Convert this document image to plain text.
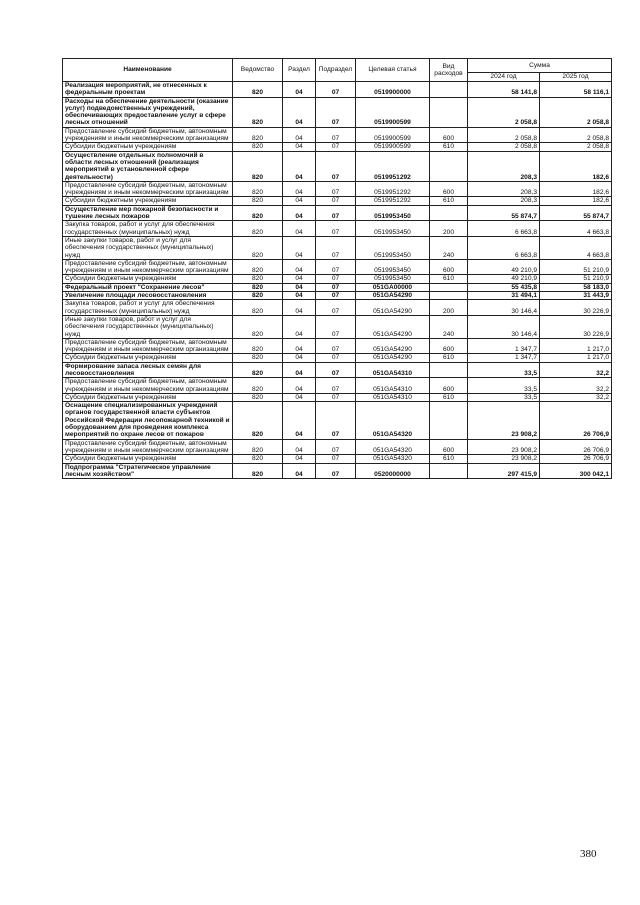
Наименование	Ведомство	Раздел	Подраздел	Целевая статья	Вид расходов	Сумма	
						2024 год	2025 год
Реализация мероприятий, не отнесенных к федеральным проектам	820	04	07	0519900000		58 141,8	58 116,1
Расходы на обеспечение деятельности (оказание услуг) подведомственных учреждений, обеспечивающих предоставление услуг в сфере лесных отношений	820	04	07	0519900599		2 058,8	2 058,8
Предоставление субсидий бюджетным, автономным учреждениям и иным некоммерческим организациям	820	04	07	0519900599	600	2 058,8	2 058,8
Субсидии бюджетным учреждениям	820	04	07	0519900599	610	2 058,8	2 058,8
Осуществление отдельных полномочий в области лесных отношений (реализация мероприятий в установленной сфере деятельности)	820	04	07	0519951292		208,3	182,6
Предоставление субсидий бюджетным, автономным учреждениям и иным некоммерческим организациям	820	04	07	0519951292	600	208,3	182,6
Субсидии бюджетным учреждениям	820	04	07	0519951292	610	208,3	182,6
Осуществление мер пожарной безопасности и тушение лесных пожаров	820	04	07	0519953450		55 874,7	55 874,7
Закупка товаров, работ и услуг для обеспечения государственных (муниципальных) нужд	820	04	07	0519953450	200	6 663,8	4 663,8
Иные закупки товаров, работ и услуг для обеспечения государственных (муниципальных) нужд	820	04	07	0519953450	240	6 663,8	4 663,8
Предоставление субсидий бюджетным, автономным учреждениям и иным некоммерческим организациям	820	04	07	0519953450	600	49 210,9	51 210,9
Субсидии бюджетным учреждениям	820	04	07	0519953450	610	49 210,9	51 210,9
Федеральный проект "Сохранение лесов"	820	04	07	051GA00000		55 435,8	58 183,0
Увеличение площади лесовосстановления	820	04	07	051GA54290		31 494,1	31 443,9
Закупка товаров, работ и услуг для обеспечения государственных (муниципальных) нужд	820	04	07	051GA54290	200	30 146,4	30 226,9
Иные закупки товаров, работ и услуг для обеспечения государственных (муниципальных) нужд	820	04	07	051GA54290	240	30 146,4	30 226,9
Предоставление субсидий бюджетным, автономным учреждениям и иным некоммерческим организациям	820	04	07	051GA54290	600	1 347,7	1 217,0
Субсидии бюджетным учреждениям	820	04	07	051GA54290	610	1 347,7	1 217,0
Формирование запаса лесных семян для лесовосстановления	820	04	07	051GA54310		33,5	32,2
Предоставление субсидий бюджетным, автономным учреждениям и иным некоммерческим организациям	820	04	07	051GA54310	600	33,5	32,2
Субсидии бюджетным учреждениям	820	04	07	051GA54310	610	33,5	32,2
Оснащение специализированных учреждений органов государственной власти субъектов Российской Федерации лесопожарной техникой и оборудованием для проведения комплекса мероприятий по охране лесов от пожаров	820	04	07	051GA54320		23 908,2	26 706,9
Предоставление субсидий бюджетным, автономным учреждениям и иным некоммерческим организациям	820	04	07	051GA54320	600	23 908,2	26 706,9
Субсидии бюджетным учреждениям	820	04	07	051GA54320	610	23 908,2	26 706,9
Подпрограмма "Стратегическое управление лесным хозяйством"	820	04	07	0520000000		297 415,9	300 042,1
380
